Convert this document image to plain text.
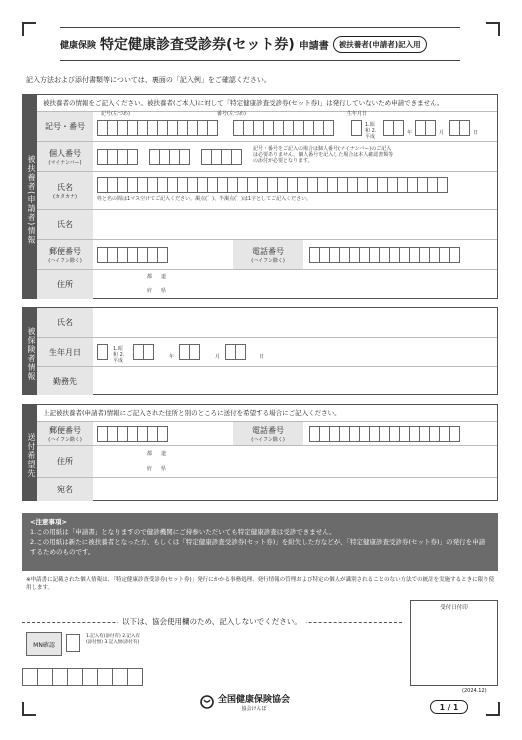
健康保険 特定健康診査受診券(セット券) 申請書	被扶養者(申請者)記入用
記入方法および添付書類等については、裏面の「記入例」をご確認ください。
被扶養者(申請者)情報
被扶養者の情報をご記入ください。被扶養者(ご本人)に対して「特定健康診査受診券(セット券)」は発行していないため申請できません。
記号・番号
記号(左づめ)	番号(左づめ)	生年月日
1.昭和 2.平成
年	月	日
個人番号
(マイナンバー)
記号・番号をご記入の場合は個人番号(マイナンバー)のご記入は必要ありません。個人番号を記入した場合は本人確認書類等の添付が必要となります。
氏名
(カタカナ)	姓と名の間は1マス空けてご記入ください。濁点(゛)、半濁点(゜)は1字としてご記入ください。
氏名
郵便番号
(ハイフン除く)
電話番号
(ハイフン除く)
住所
都 道
府 県
被保険者情報
氏名
生年月日	1.昭和 2.平成
年	月	日
勤務先
送付希望先
上記被扶養者(申請者)情報にご記入された住所と別のところに送付を希望する場合にご記入ください。
郵便番号
(ハイフン除く)
電話番号
(ハイフン除く)
住所
都 道
府 県
宛名
<注意事項>
1.この用紙は「申請書」となりますので健診機関にご持参いただいても特定健康診査は受診できません。
2.この用紙は新たに被扶養者となった方、もしくは「特定健康診査受診券(セット券)」を紛失した方などが、「特定健康診査受診券(セット券)」の発行を申請するためのものです。
※申請書に記載された個人情報は、「特定健康診査受診券(セット券)」発行にかかる事務処理、発行情報の管理および特定の個人が識別されることのない方法での統計を実施するときに限り使用します。
以下は、協会使用欄のため、記入しないでください。
MN確認
1.記入有(添付有) 2.記入有(添付無) 3.記入無(添付有)
受付日付印
(2024.12)
全国健康保険協会
協会けんぽ	1 / 1
